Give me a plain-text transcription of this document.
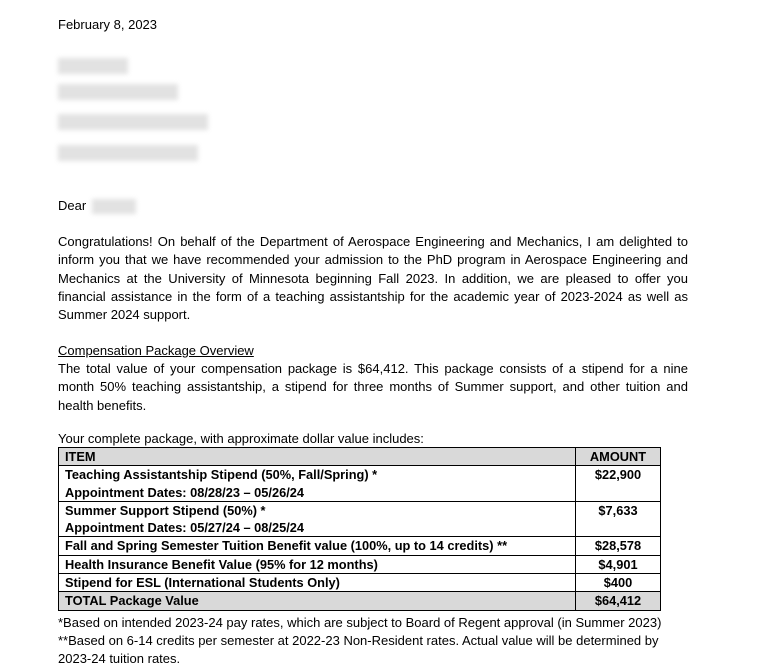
February 8, 2023
Dear
Congratulations! On behalf of the Department of Aerospace Engineering and Mechanics, I am delighted to inform you that we have recommended your admission to the PhD program in Aerospace Engineering and Mechanics at the University of Minnesota beginning Fall 2023. In addition, we are pleased to offer you financial assistance in the form of a teaching assistantship for the academic year of 2023-2024 as well as Summer 2024 support.
Compensation Package Overview
The total value of your compensation package is $64,412. This package consists of a stipend for a nine month 50% teaching assistantship, a stipend for three months of Summer support, and other tuition and health benefits.
Your complete package, with approximate dollar value includes:
ITEM	AMOUNT

Teaching Assistantship Stipend (50%, Fall/Spring) *
Appointment Dates: 08/28/23 – 05/26/24	$22,900

Summer Support Stipend (50%) *
Appointment Dates: 05/27/24 – 08/25/24	$7,633
Fall and Spring Semester Tuition Benefit value (100%, up to 14 credits) **	$28,578
Health Insurance Benefit Value (95% for 12 months)	$4,901
Stipend for ESL (International Students Only)	$400
TOTAL Package Value	$64,412
*Based on intended 2023-24 pay rates, which are subject to Board of Regent approval (in Summer 2023)
**Based on 6-14 credits per semester at 2022-23 Non-Resident rates. Actual value will be determined by 2023-24 tuition rates.
